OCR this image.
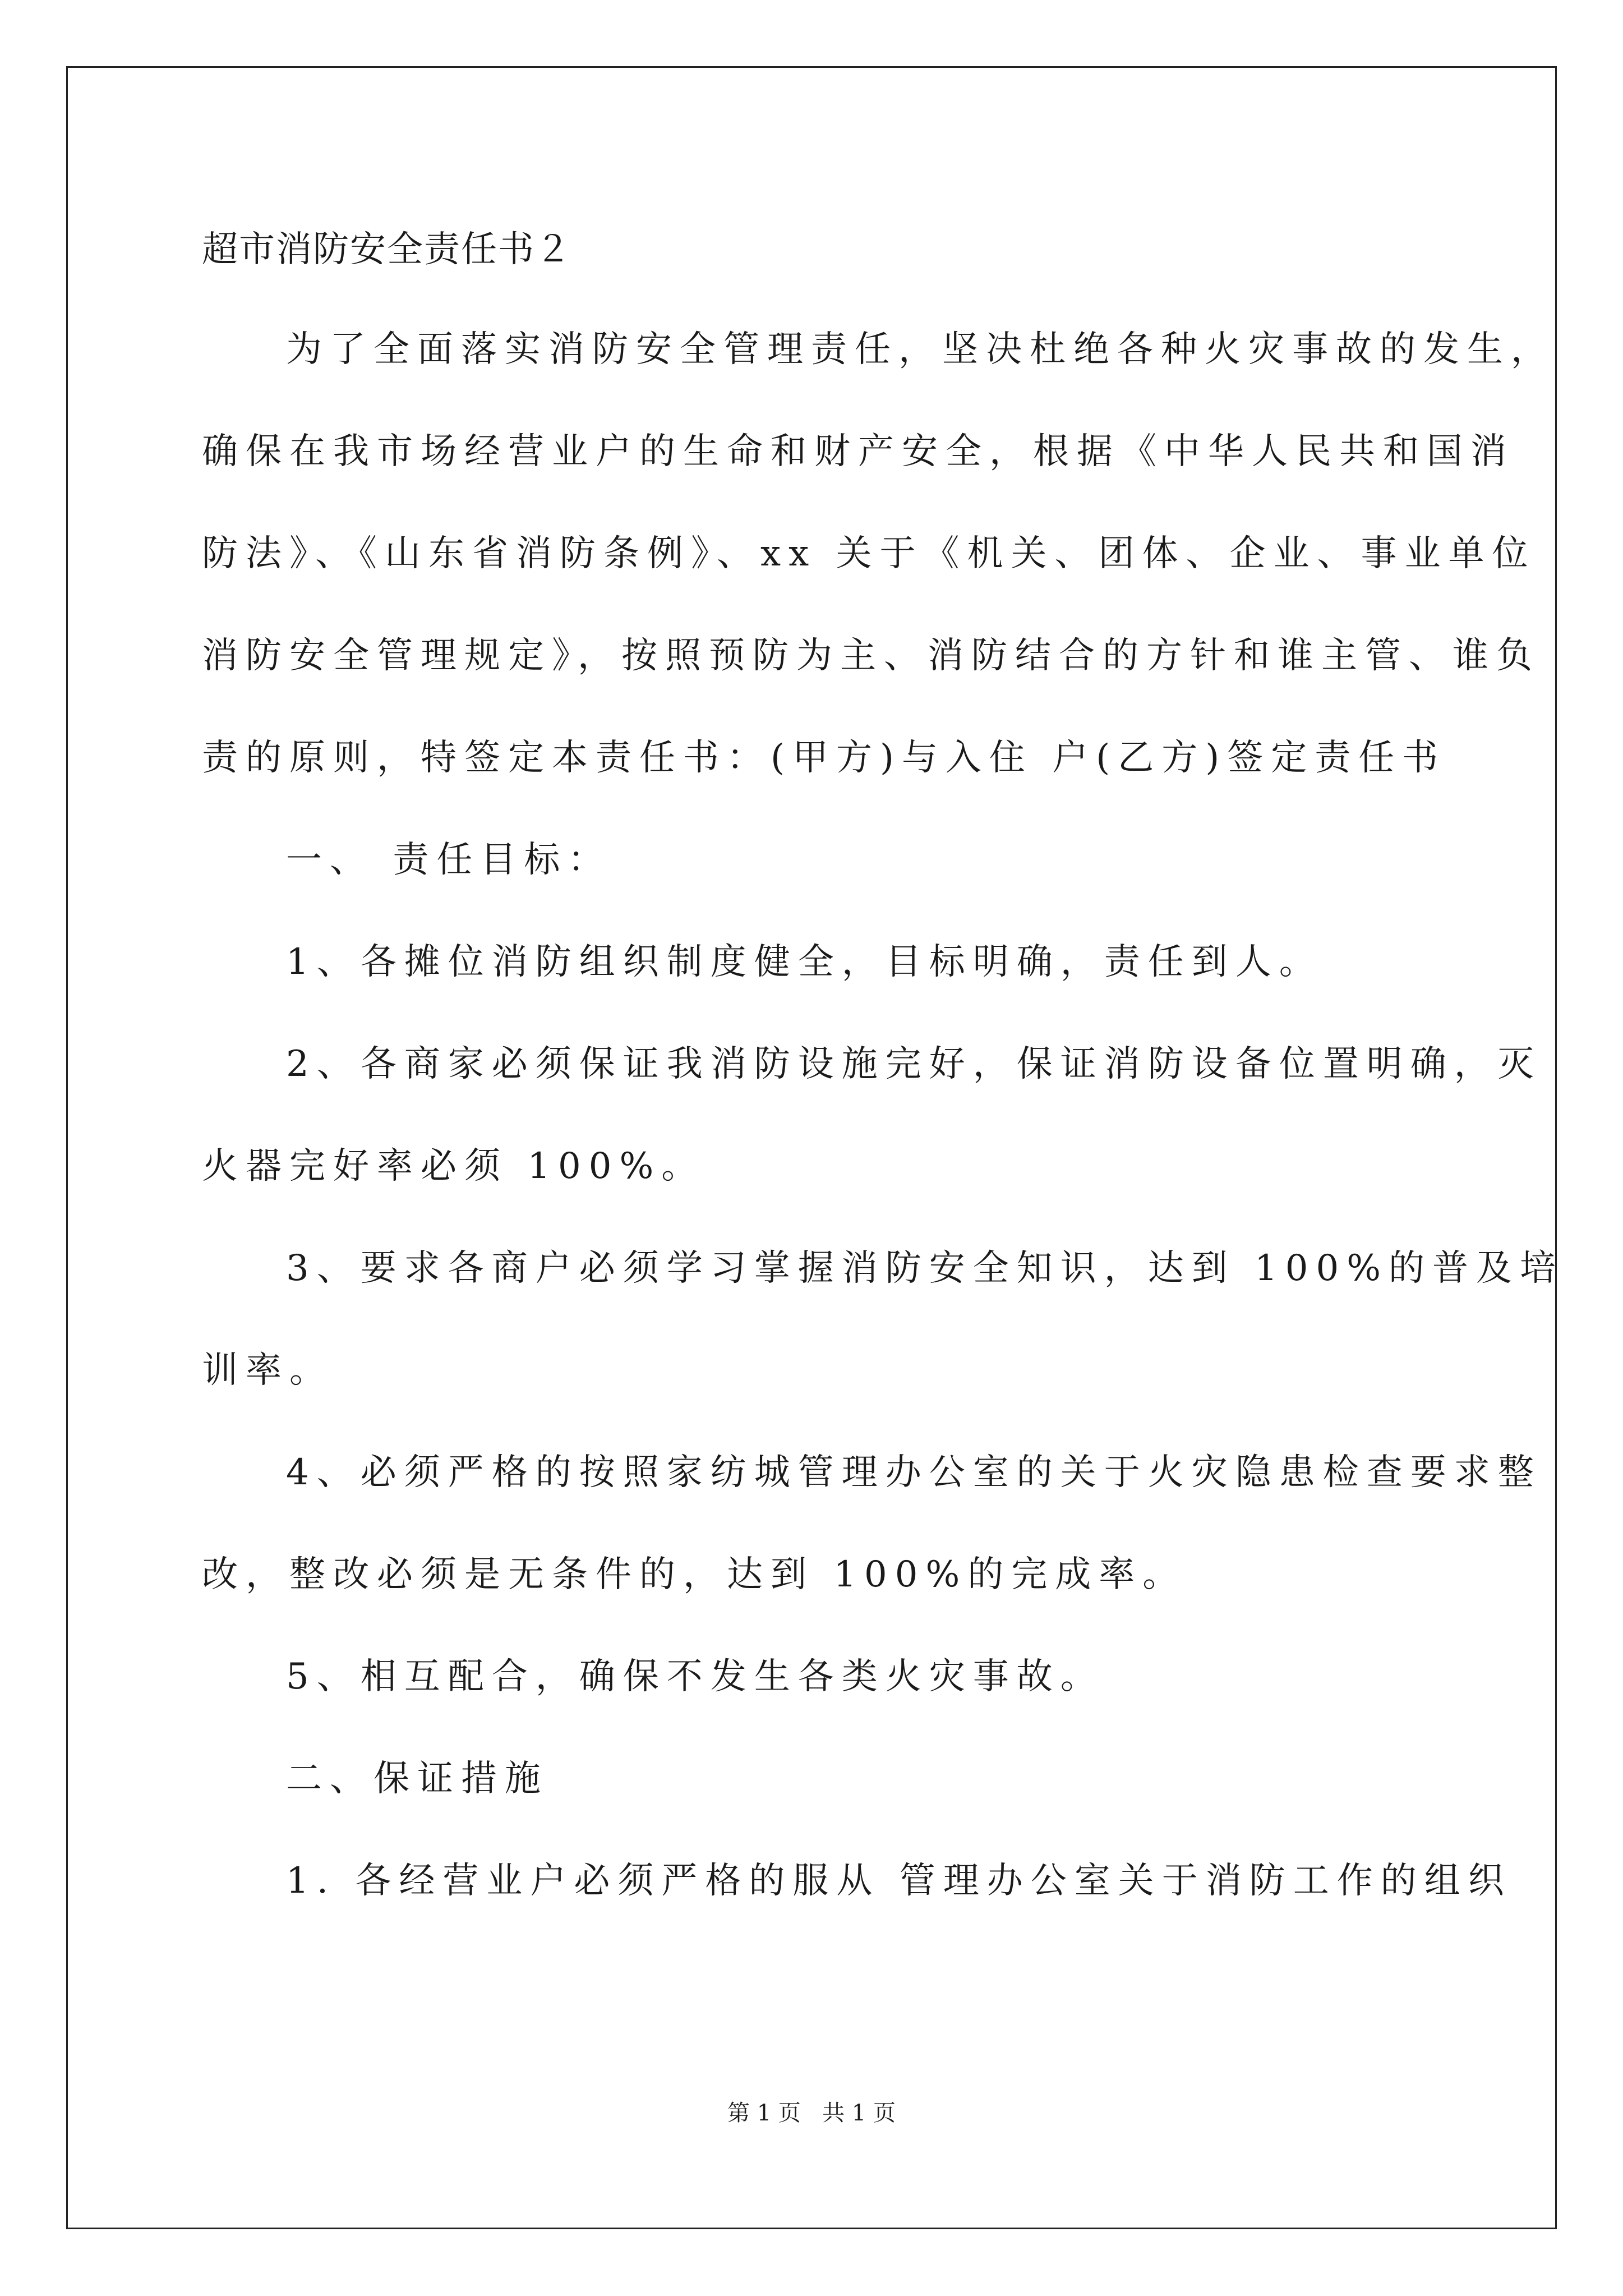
超市消防安全责任书２
为了全面落实消防安全管理责任，坚决杜绝各种火灾事故的发生，
确保在我市场经营业户的生命和财产安全，根据《中华人民共和国消
防法》、《山东省消防条例》、xx 关于《机关、团体、企业、事业单位
消防安全管理规定》，按照预防为主、消防结合的方针和谁主管、谁负
责的原则，特签定本责任书：(甲方)与入住 户(乙方)签定责任书
一、 责任目标：
1、各摊位消防组织制度健全，目标明确，责任到人。
2、各商家必须保证我消防设施完好，保证消防设备位置明确，灭
火器完好率必须 100%。
3、要求各商户必须学习掌握消防安全知识，达到 100%的普及培
训率。
4、必须严格的按照家纺城管理办公室的关于火灾隐患检查要求整
改，整改必须是无条件的，达到 100%的完成率。
5、相互配合，确保不发生各类火灾事故。
二、保证措施
1. 各经营业户必须严格的服从 管理办公室关于消防工作的组织
第 1 页   共 1 页
